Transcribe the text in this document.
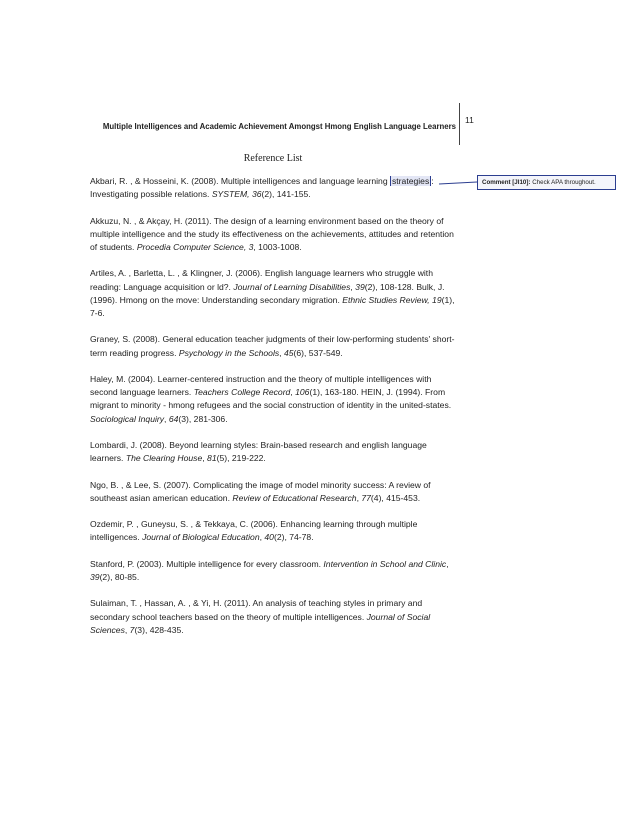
11
Multiple Intelligences and Academic Achievement Amongst Hmong English Language Learners
Reference List

Akbari, R. , & Hosseini, K. (2008). Multiple intelligences and language learning strategies : Investigating possible relations. SYSTEM, 36(2), 141-155.

Akkuzu, N. , & Akçay, H. (2011). The design of a learning environment based on the theory of multiple intelligence and the study its effectiveness on the achievements, attitudes and retention of students. Procedia Computer Science, 3, 1003-1008.

Artiles, A. , Barletta, L. , & Klingner, J. (2006). English language learners who struggle with reading: Language acquisition or ld?. Journal of Learning Disabilities, 39(2), 108-128. Bulk, J. (1996). Hmong on the move: Understanding secondary migration. Ethnic Studies Review, 19(1), 7-6.

Graney, S. (2008). General education teacher judgments of their low-performing students' short-term reading progress. Psychology in the Schools, 45(6), 537-549.

Haley, M. (2004). Learner-centered instruction and the theory of multiple intelligences with second language learners. Teachers College Record, 106(1), 163-180. HEIN, J. (1994). From migrant to minority - hmong refugees and the social construction of identity in the united-states. Sociological Inquiry, 64(3), 281-306.

Lombardi, J. (2008). Beyond learning styles: Brain-based research and english language learners. The Clearing House, 81(5), 219-222.

Ngo, B. , & Lee, S. (2007). Complicating the image of model minority success: A review of southeast asian american education. Review of Educational Research, 77(4), 415-453.

Ozdemir, P. , Guneysu, S. , & Tekkaya, C. (2006). Enhancing learning through multiple intelligences. Journal of Biological Education, 40(2), 74-78.

Stanford, P. (2003). Multiple intelligence for every classroom. Intervention in School and Clinic, 39(2), 80-85.

Sulaiman, T. , Hassan, A. , & Yi, H. (2011). An analysis of teaching styles in primary and secondary school teachers based on the theory of multiple intelligences. Journal of Social Sciences, 7(3), 428-435.

Comment [JI10]: Check APA throughout.
